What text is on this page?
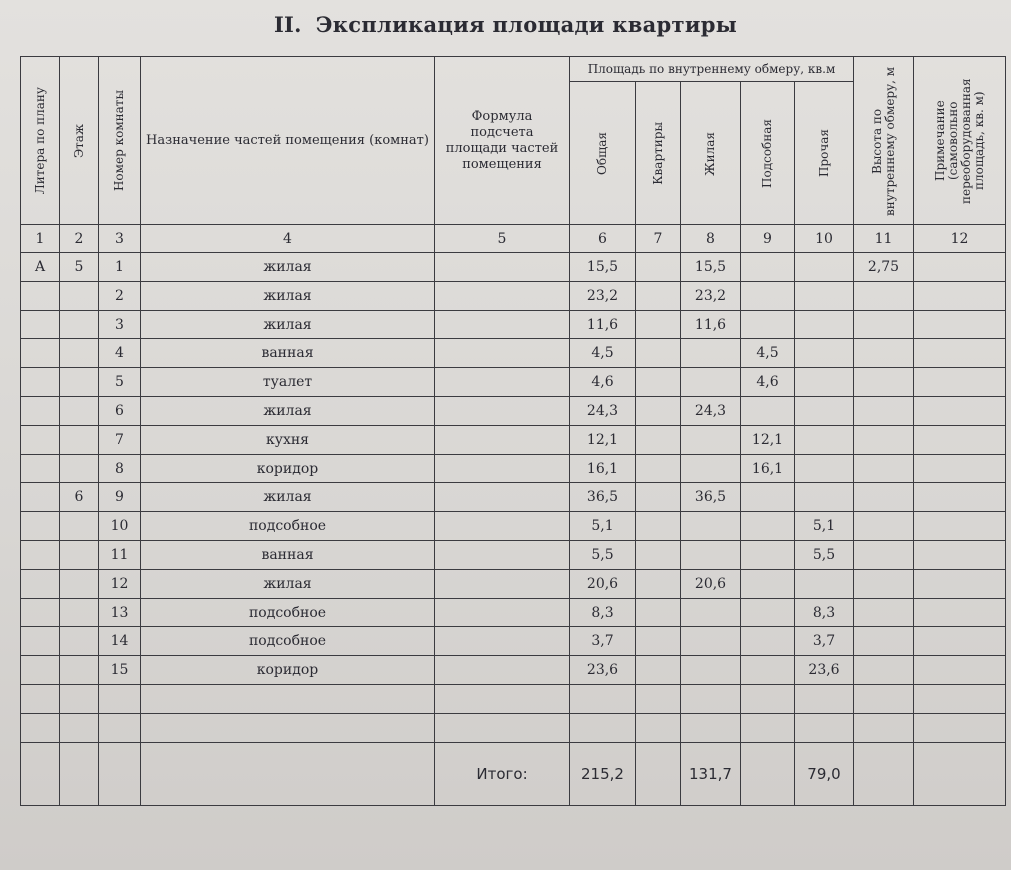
II. Экспликация площади квартиры
Литера по плану	Этаж	Номер комнаты	Назначение частей помещения (комнат)	Формула подсчета площади частей помещения	Площадь по внутреннему обмеру, кв.м					Высота по внутреннему обмеру, м	Примечание (самовольно переоборудованная площадь, кв. м)

					Общая	Квартиры	Жилая	Подсобная	Прочая		

1	2	3	4	5	6	7	8	9	10	11	12
А	5	1	жилая		15,5		15,5			2,75	
		2	жилая		23,2		23,2				
		3	жилая		11,6		11,6				
		4	ванная		4,5			4,5			
		5	туалет		4,6			4,6			
		6	жилая		24,3		24,3				
		7	кухня		12,1			12,1			
		8	коридор		16,1			16,1			
	6	9	жилая		36,5		36,5				
		10	подсобное		5,1				5,1		
		11	ванная		5,5				5,5		
		12	жилая		20,6		20,6				
		13	подсобное		8,3				8,3		
		14	подсобное		3,7				3,7		
		15	коридор		23,6				23,6		

				Итого:	215,2		131,7		79,0		
